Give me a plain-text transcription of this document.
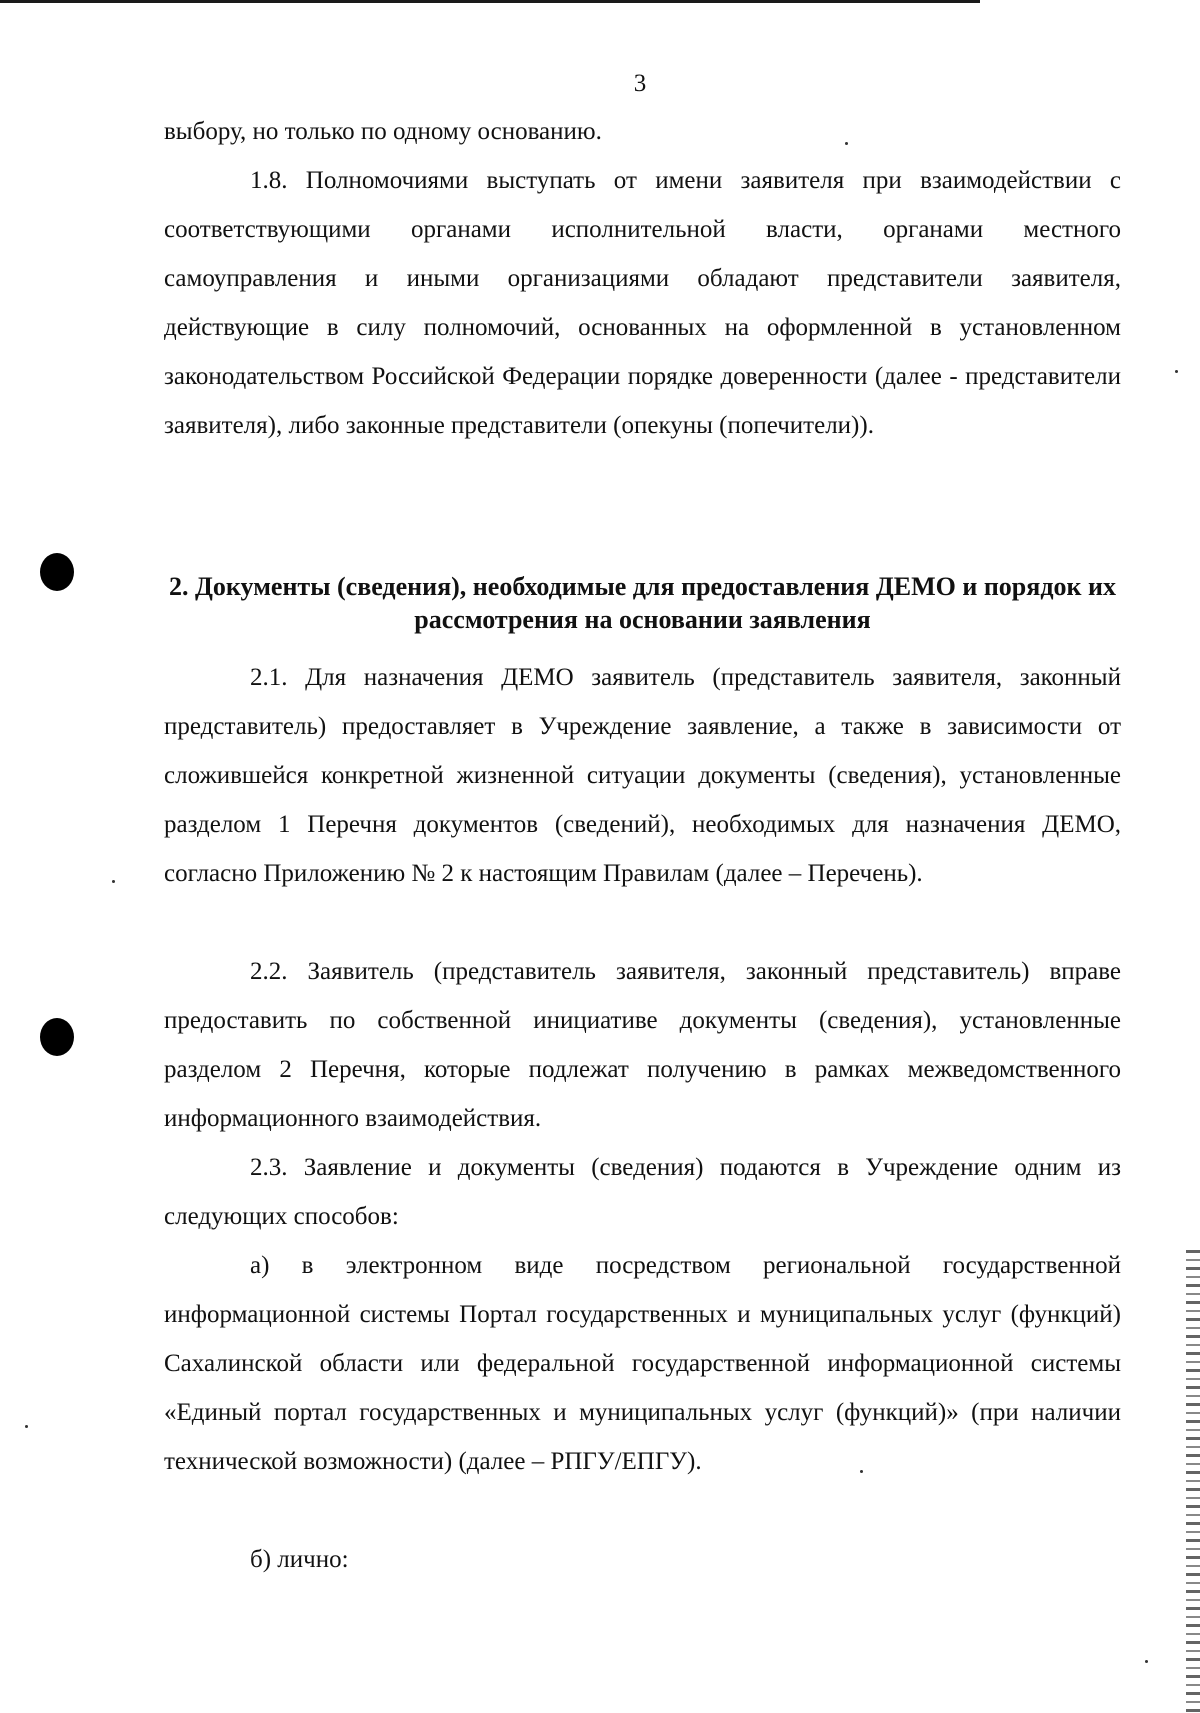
3

выбору, но только по одному основанию.

1.8. Полномочиями выступать от имени заявителя при взаимодействии с соответствующими органами исполнительной власти, органами местного самоуправления и иными организациями обладают представители заявителя, действующие в силу полномочий, основанных на оформленной в установленном законодательством Российской Федерации порядке доверенности (далее - представители заявителя), либо законные представители (опекуны (попечители)).

2. Документы (сведения), необходимые для предоставления ДЕМО и порядок их рассмотрения на основании заявления

2.1. Для назначения ДЕМО заявитель (представитель заявителя, законный представитель) предоставляет в Учреждение заявление, а также в зависимости от сложившейся конкретной жизненной ситуации документы (сведения), установленные разделом 1 Перечня документов (сведений), необходимых для назначения ДЕМО, согласно Приложению № 2 к настоящим Правилам (далее – Перечень).

2.2. Заявитель (представитель заявителя, законный представитель) вправе предоставить по собственной инициативе документы (сведения), установленные разделом 2 Перечня, которые подлежат получению в рамках межведомственного информационного взаимодействия.

2.3. Заявление и документы (сведения) подаются в Учреждение одним из следующих способов:

а) в электронном виде посредством региональной государственной информационной системы Портал государственных и муниципальных услуг (функций) Сахалинской области или федеральной государственной информационной системы «Единый портал государственных и муниципальных услуг (функций)» (при наличии технической возможности) (далее – РПГУ/ЕПГУ).

б) лично:
